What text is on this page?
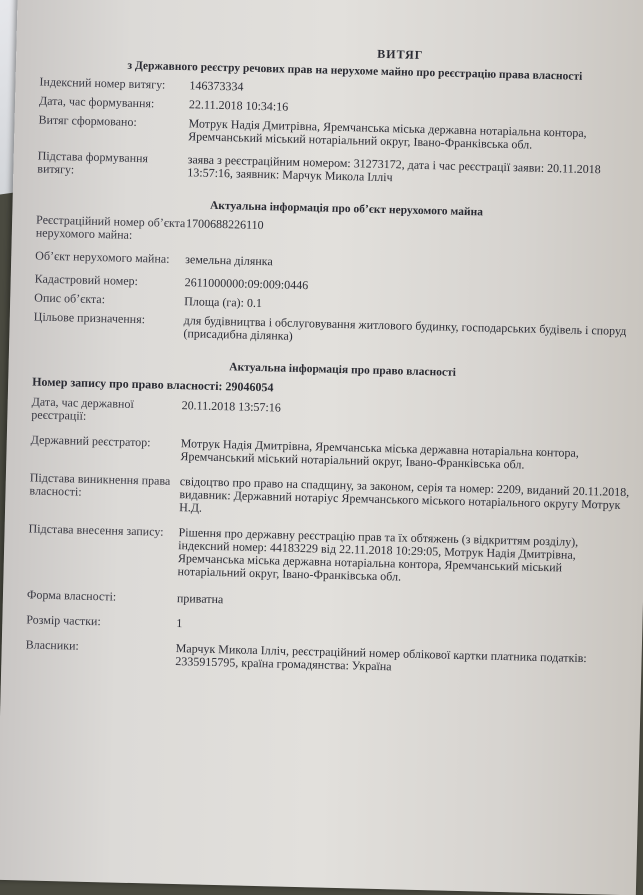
ВИТЯГ
з Державного реєстру речових прав на нерухоме майно про реєстрацію права власності
Індексний номер витягу:	146373334
Дата, час формування:	22.11.2018 10:34:16
Витяг сформовано:	Мотрук Надія Дмитрівна, Яремчанська міська державна нотаріальна контора, Яремчанський міський нотаріальний округ, Івано-Франківська обл.
Підстава формування витягу:	заява з реєстраційним номером: 31273172, дата і час реєстрації заяви: 20.11.2018 13:57:16, заявник: Марчук Микола Ілліч
Актуальна інформація про об’єкт нерухомого майна
Реєстраційний номер об’єкта нерухомого майна:
1700688226110
Об’єкт нерухомого майна:	земельна ділянка
Кадастровий номер:	2611000000:09:009:0446
Опис об’єкта:	Площа (га): 0.1
Цільове призначення:	для будівництва і обслуговування житлового будинку, господарських будівель і споруд (присадибна ділянка)
Актуальна інформація про право власності
Номер запису про право власності: 29046054
Дата, час державної реєстрації:
20.11.2018 13:57:16
Державний реєстратор:	Мотрук Надія Дмитрівна, Яремчанська міська державна нотаріальна контора, Яремчанський міський нотаріальний округ, Івано-Франківська обл.
Підстава виникнення права власності:	свідоцтво про право на спадщину, за законом, серія та номер: 2209, виданий 20.11.2018, видавник: Державний нотаріус Яремчанського міського нотаріального округу Мотрук Н.Д.
Підстава внесення запису:	Рішення про державну реєстрацію прав та їх обтяжень (з відкриттям розділу), індексний номер: 44183229 від 22.11.2018 10:29:05, Мотрук Надія Дмитрівна, Яремчанська міська державна нотаріальна контора, Яремчанський міський нотаріальний округ, Івано-Франківська обл.
Форма власності:	приватна
Розмір частки:	1
Власники:	Марчук Микола Ілліч, реєстраційний номер облікової картки платника податків: 2335915795, країна громадянства: Україна
